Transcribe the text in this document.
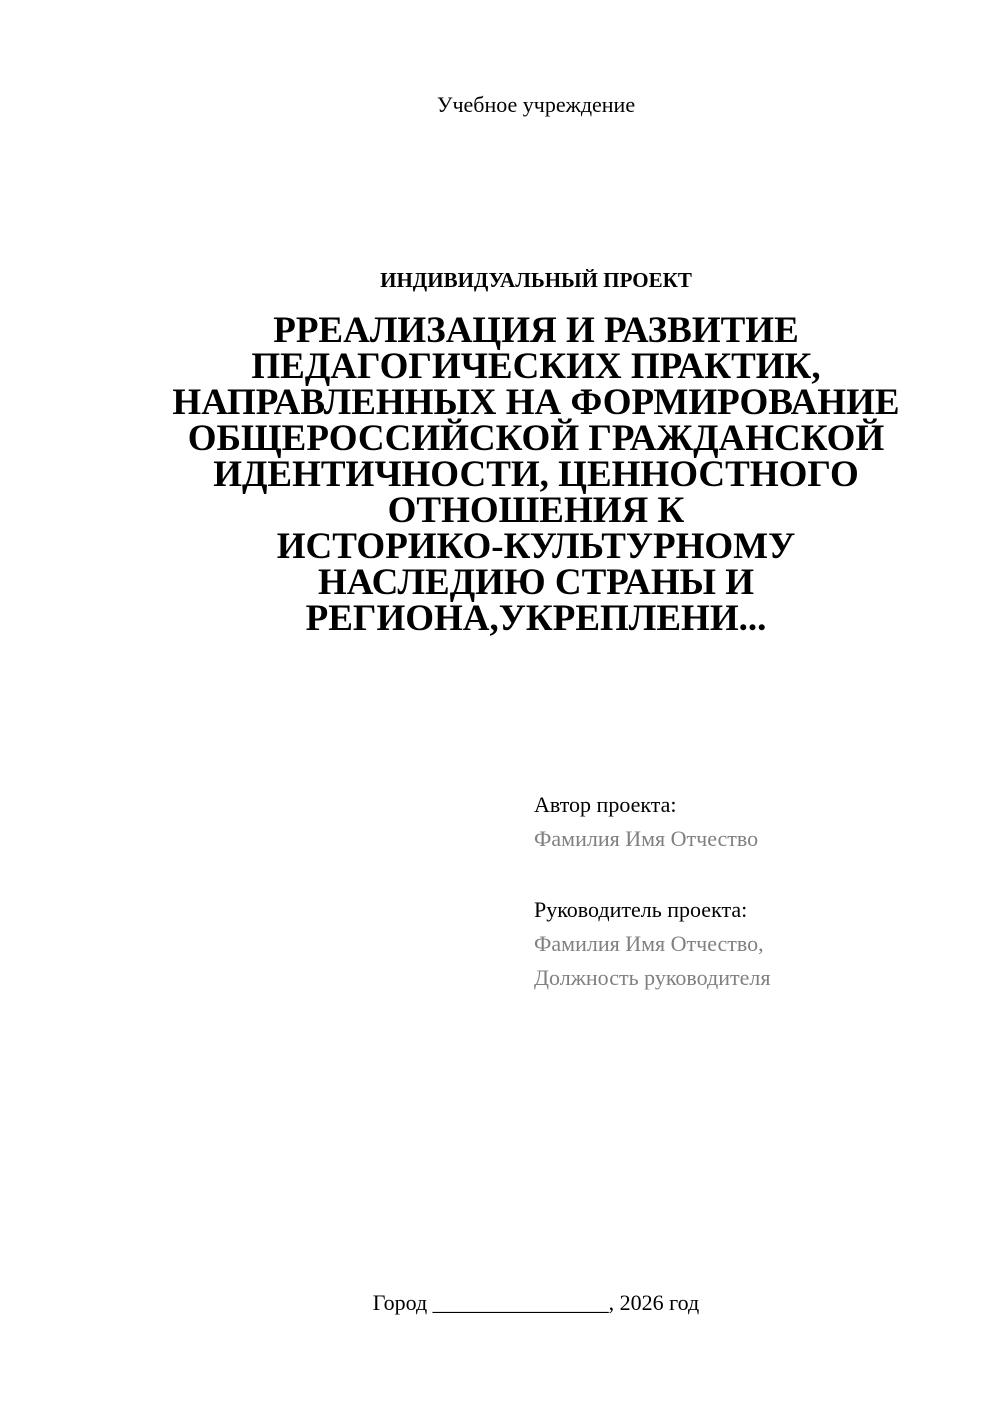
Учебное учреждение
ИНДИВИДУАЛЬНЫЙ ПРОЕКТ
РРЕАЛИЗАЦИЯ И РАЗВИТИЕ
ПЕДАГОГИЧЕСКИХ ПРАКТИК,
НАПРАВЛЕННЫХ НА ФОРМИРОВАНИЕ
ОБЩЕРОССИЙСКОЙ ГРАЖДАНСКОЙ
ИДЕНТИЧНОСТИ, ЦЕННОСТНОГО
ОТНОШЕНИЯ К
ИСТОРИКО-КУЛЬТУРНОМУ
НАСЛЕДИЮ СТРАНЫ И
РЕГИОНА,УКРЕПЛЕНИ...
Автор проекта:
Фамилия Имя Отчество
Руководитель проекта:
Фамилия Имя Отчество,
Должность руководителя
Город ________________, 2026 год
